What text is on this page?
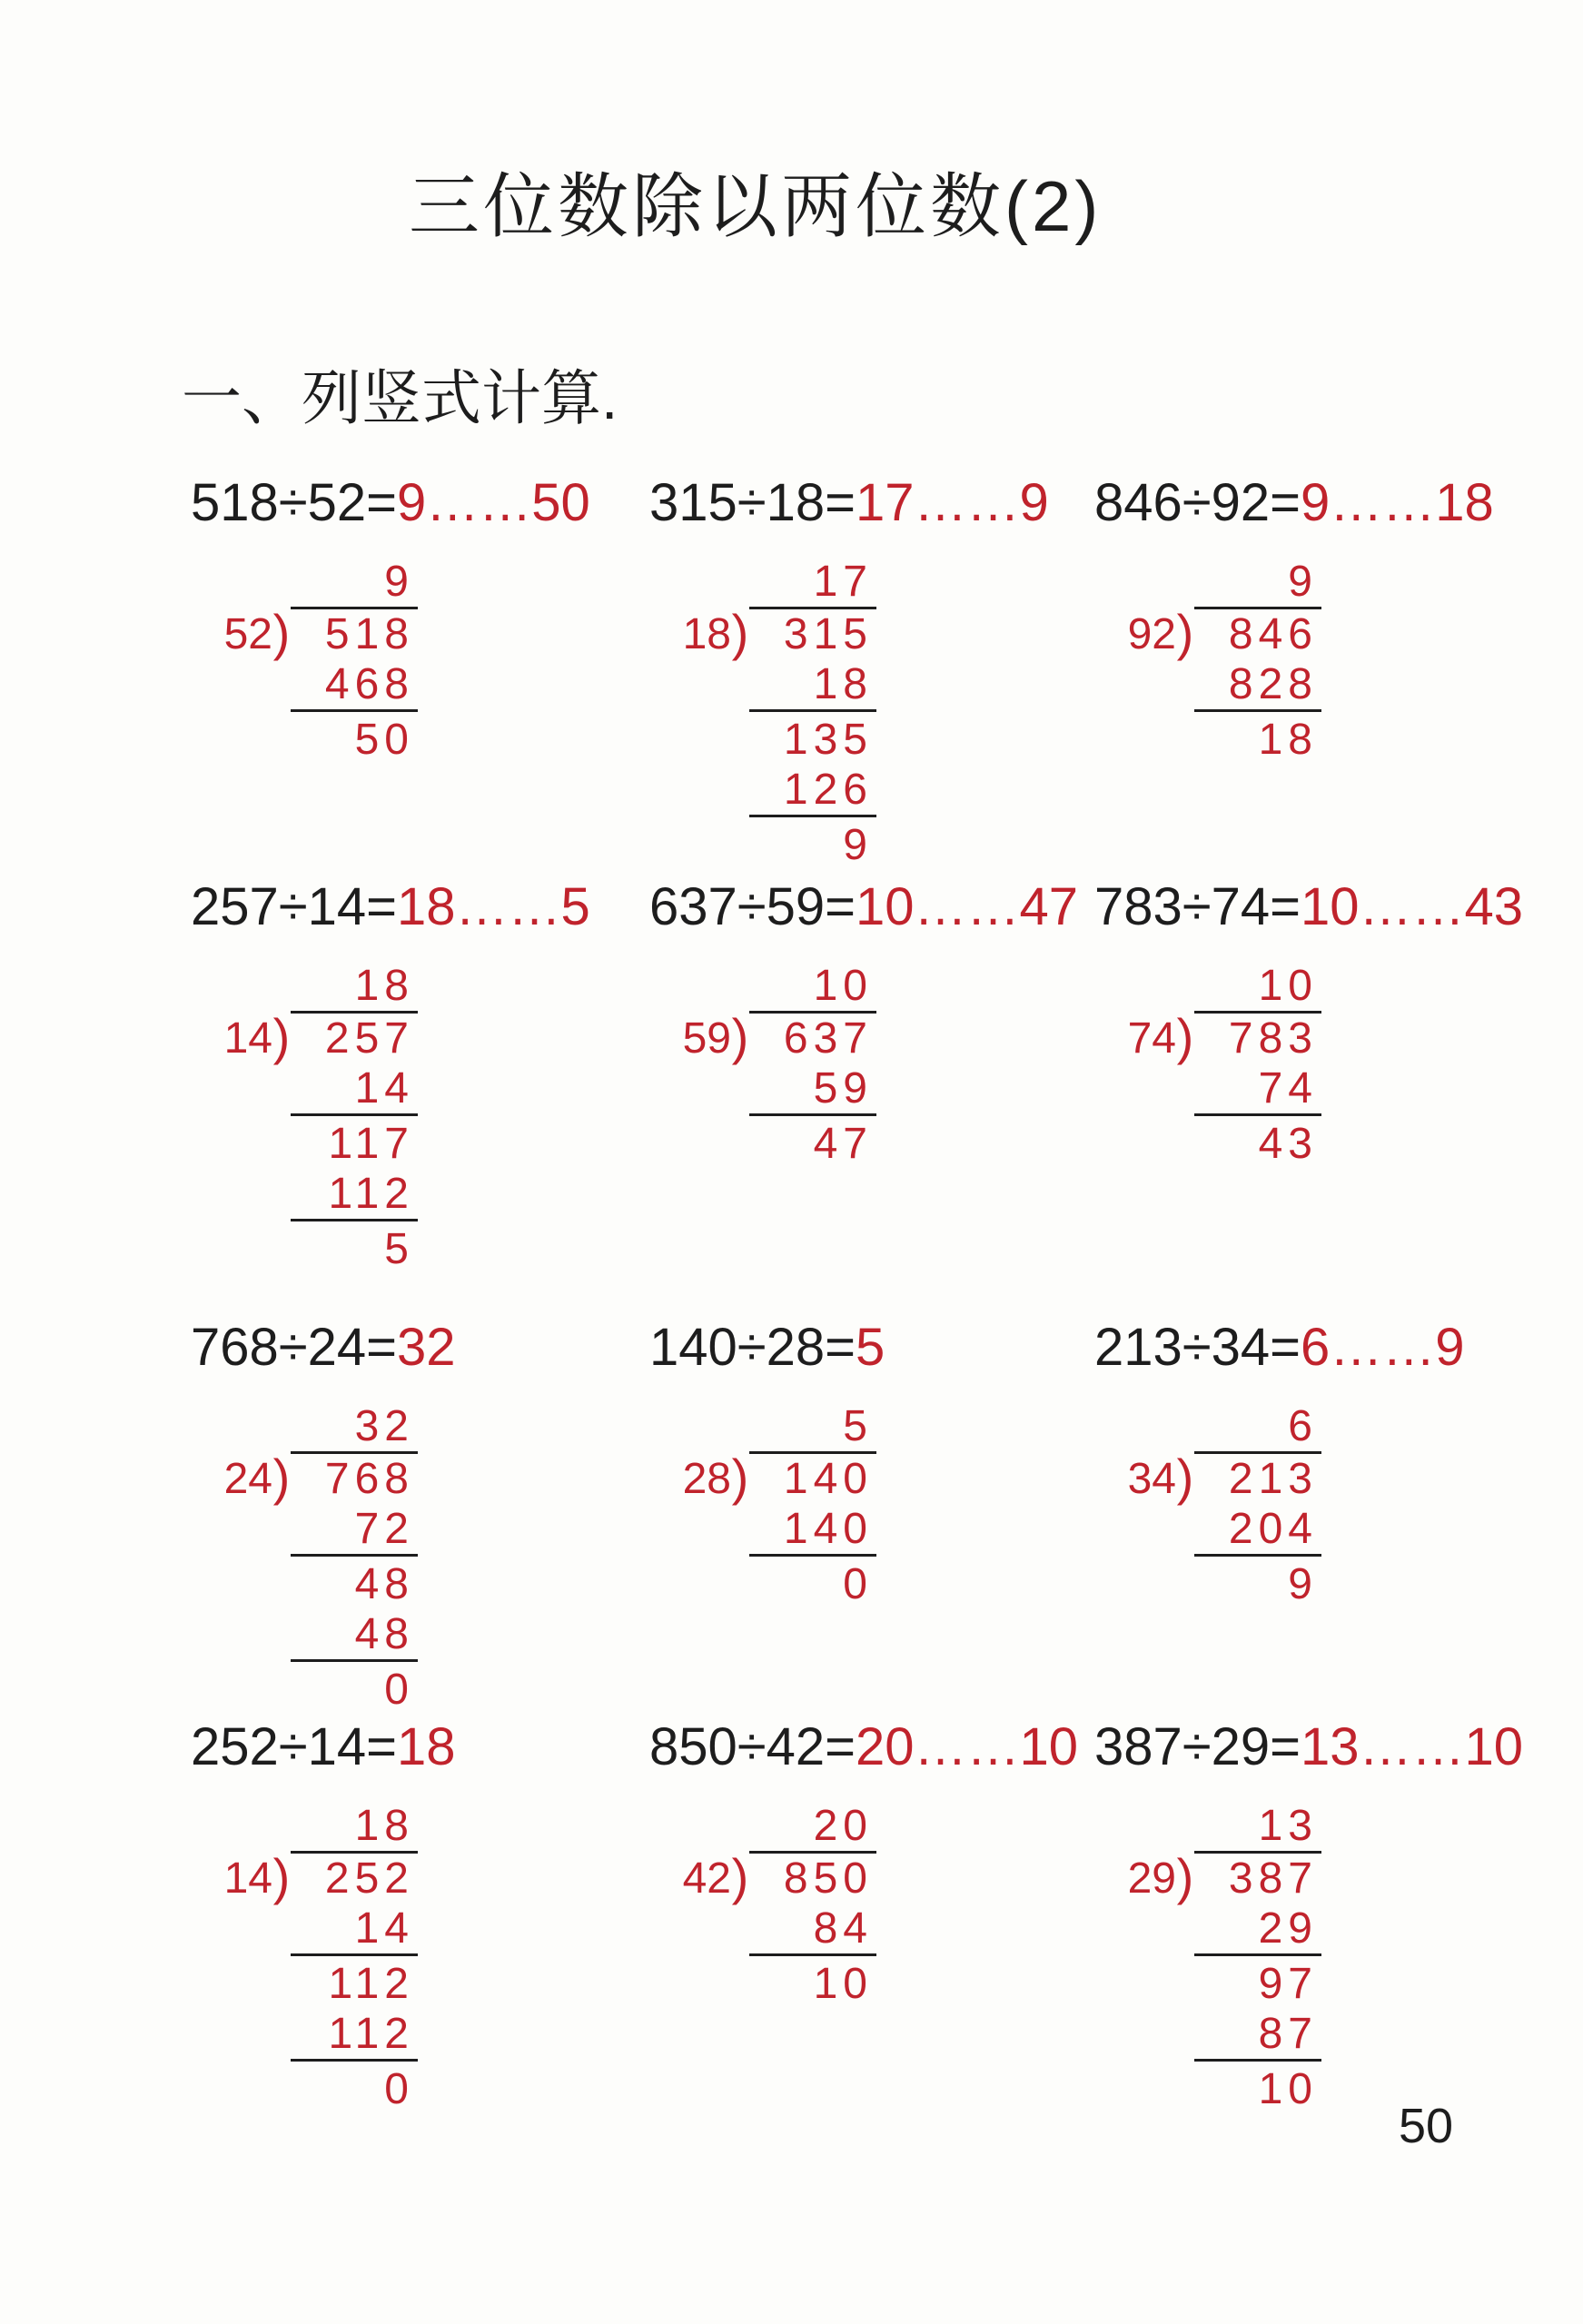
三位数除以两位数(2)
一、列竖式计算.
518÷52=9……50
9
52 ) 518
468
50
315÷18=17……9
17
18 ) 315
18
135
126
9
846÷92=9……18
9
92 ) 846
828
18
257÷14=18……5
18
14 ) 257
14
117
112
5
637÷59=10……47
10
59 ) 637
59
47
783÷74=10……43
10
74 ) 783
74
43
768÷24=32
32
24 ) 768
72
48
48
0
140÷28=5
5
28 ) 140
140
0
213÷34=6……9
6
34 ) 213
204
9
252÷14=18
18
14 ) 252
14
112
112
0
850÷42=20……10
20
42 ) 850
84
10
387÷29=13……10
13
29 ) 387
29
97
87
10
50
